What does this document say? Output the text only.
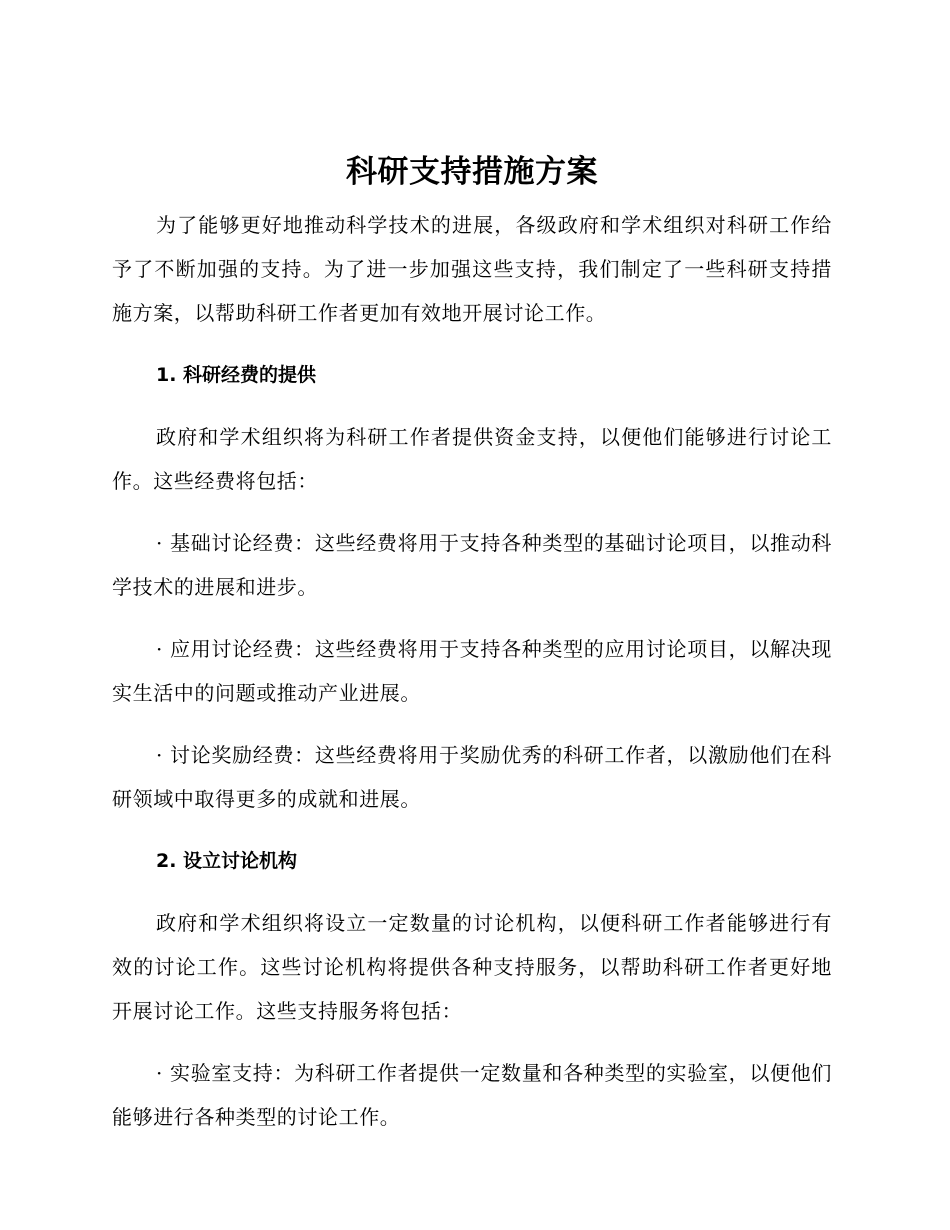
科研支持措施方案

为了能够更好地推动科学技术的进展，各级政府和学术组织对科研工作给予了不断加强的支持。为了进一步加强这些支持，我们制定了一些科研支持措施方案，以帮助科研工作者更加有效地开展讨论工作。

1. 科研经费的提供

政府和学术组织将为科研工作者提供资金支持，以便他们能够进行讨论工作。这些经费将包括：

· 基础讨论经费：这些经费将用于支持各种类型的基础讨论项目，以推动科学技术的进展和进步。

· 应用讨论经费：这些经费将用于支持各种类型的应用讨论项目，以解决现实生活中的问题或推动产业进展。

· 讨论奖励经费：这些经费将用于奖励优秀的科研工作者，以激励他们在科研领域中取得更多的成就和进展。

2. 设立讨论机构

政府和学术组织将设立一定数量的讨论机构，以便科研工作者能够进行有效的讨论工作。这些讨论机构将提供各种支持服务，以帮助科研工作者更好地开展讨论工作。这些支持服务将包括：

· 实验室支持：为科研工作者提供一定数量和各种类型的实验室，以便他们能够进行各种类型的讨论工作。
